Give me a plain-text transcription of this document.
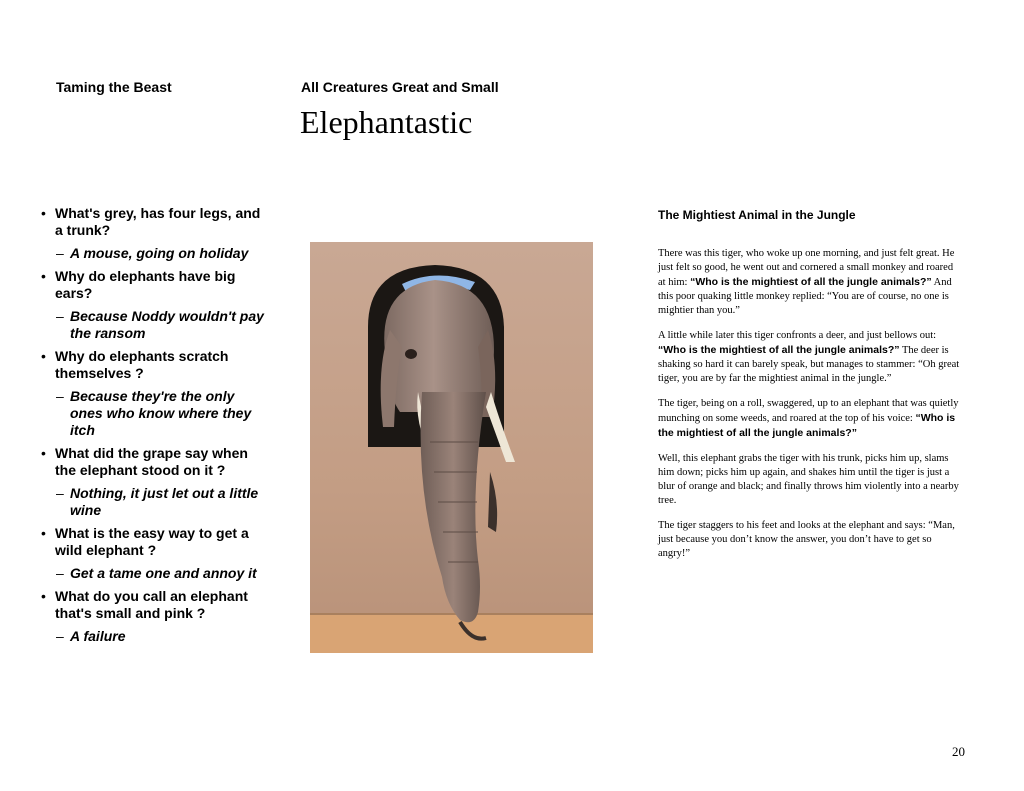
Taming the Beast	All Creatures Great and Small
Elephantastic
• What's grey, has four legs, and a trunk?
– A mouse, going on holiday
• Why do elephants have big ears?
– Because Noddy wouldn't pay the ransom
• Why do elephants scratch themselves ?
– Because they're the only ones who know where they itch
• What did the grape say when the elephant stood on it ?
– Nothing, it just let out a little wine
• What is the easy way to get a wild elephant ?
– Get a tame one and annoy it
• What do you call an elephant that's small and pink ?
– A failure
The Mightiest Animal in the Jungle

There was this tiger, who woke up one morning, and just felt great. He just felt so good, he went out and cornered a small monkey and roared at him: “Who is the mightiest of all the jungle animals?” And this poor quaking little monkey replied: “You are of course, no one is mightier than you.”

A little while later this tiger confronts a deer, and just bellows out: “Who is the mightiest of all the jungle animals?” The deer is shaking so hard it can barely speak, but manages to stammer: “Oh great tiger, you are by far the mightiest animal in the jungle.”

The tiger, being on a roll, swaggered, up to an elephant that was quietly munching on some weeds, and roared at the top of his voice: “Who is the mightiest of all the jungle animals?”

Well, this elephant grabs the tiger with his trunk, picks him up, slams him down; picks him up again, and shakes him until the tiger is just a blur of orange and black; and finally throws him violently into a nearby tree.

The tiger staggers to his feet and looks at the elephant and says: “Man, just because you don’t know the answer, you don’t have to get so angry!”

20
